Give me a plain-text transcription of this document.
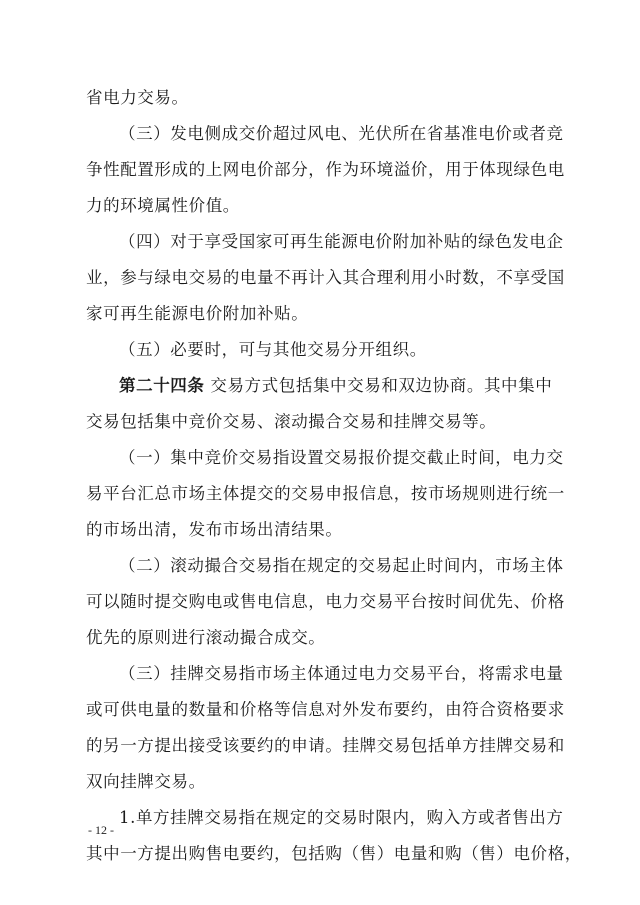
省电力交易。
（三）发电侧成交价超过风电、光伏所在省基准电价或者竞
争性配置形成的上网电价部分，作为环境溢价，用于体现绿色电
力的环境属性价值。
（四）对于享受国家可再生能源电价附加补贴的绿色发电企
业，参与绿电交易的电量不再计入其合理利用小时数，不享受国
家可再生能源电价附加补贴。
（五）必要时，可与其他交易分开组织。
第二十四条 交易方式包括集中交易和双边协商。其中集中
交易包括集中竞价交易、滚动撮合交易和挂牌交易等。
（一）集中竞价交易指设置交易报价提交截止时间，电力交
易平台汇总市场主体提交的交易申报信息，按市场规则进行统一
的市场出清，发布市场出清结果。
（二）滚动撮合交易指在规定的交易起止时间内，市场主体
可以随时提交购电或售电信息，电力交易平台按时间优先、价格
优先的原则进行滚动撮合成交。
（三）挂牌交易指市场主体通过电力交易平台，将需求电量
或可供电量的数量和价格等信息对外发布要约，由符合资格要求
的另一方提出接受该要约的申请。挂牌交易包括单方挂牌交易和
双向挂牌交易。
1.单方挂牌交易指在规定的交易时限内，购入方或者售出方
其中一方提出购售电要约，包括购（售）电量和购（售）电价格，
- 12 -
